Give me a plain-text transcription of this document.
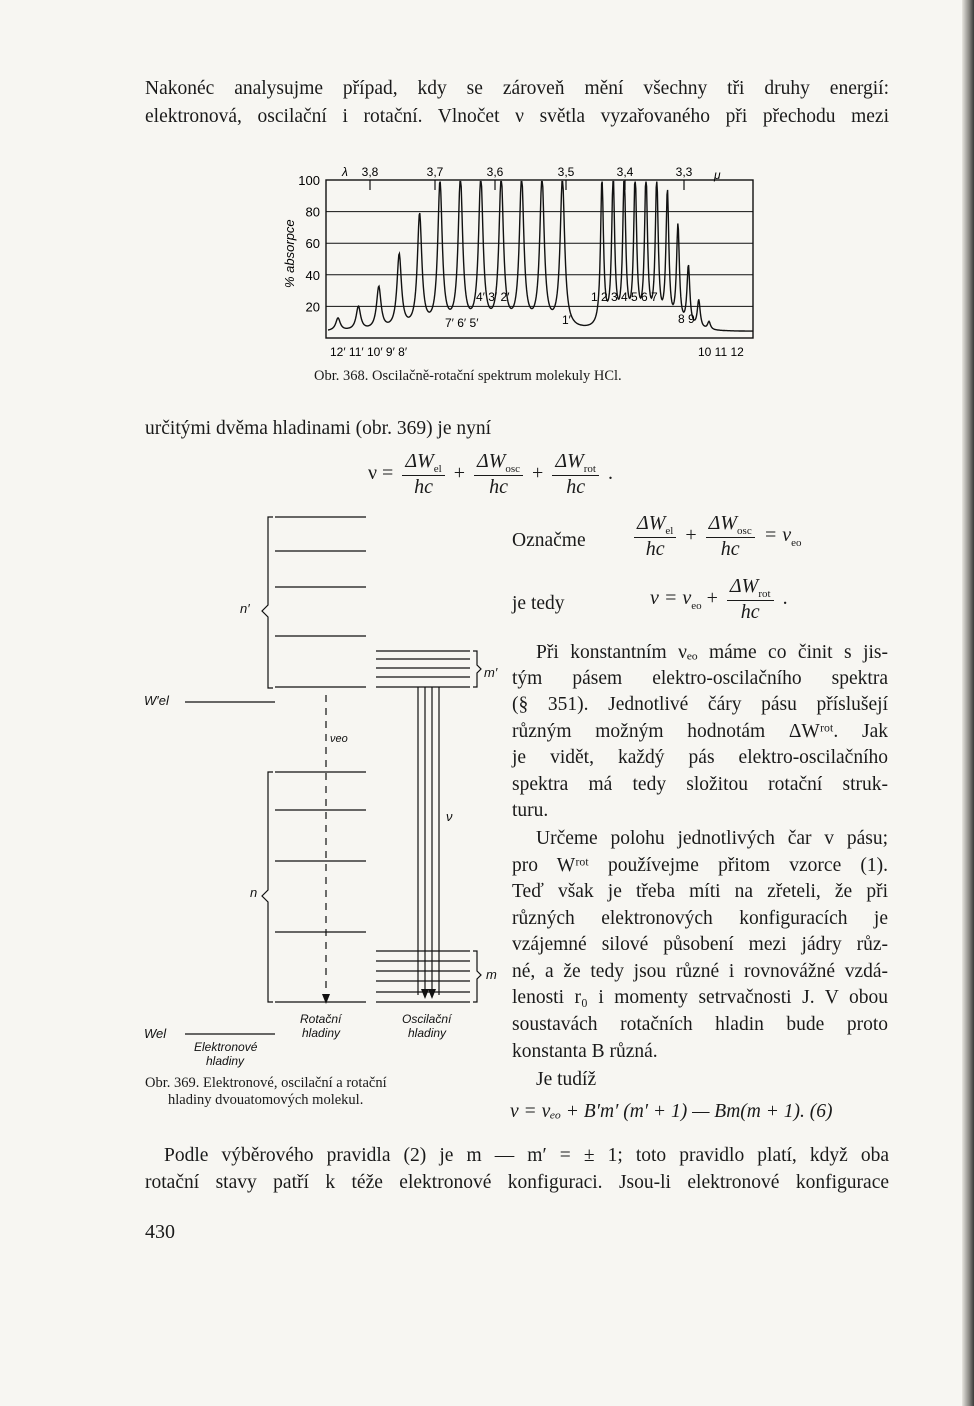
Nakonéc analysujme případ, kdy se zároveň mění všechny tři druhy energií:
elektronová, oscilační i rotační. Vlnočet ν světla vyzařovaného při přechodu mezi
20
40
60
80
100
% absorpce
3,8	3,7	3,6	3,5	3,4	3,3
λ	μ
12′ 11′ 10′ 9′ 8′	10 11 12
4′ 3′ 2′	1 2 3 4 5 6 7
7′ 6′ 5′	1′	8 9
Obr. 368. Oscilačně-rotační spektrum molekuly HCl.
určitými dvěma hladinami (obr. 369) je nyní
$\nu = \frac{\Delta W_{el}}{hc} + \frac{\Delta W_{osc}}{hc} + \frac{\Delta W_{rot}}{hc}$ .
Označme $\frac{\Delta W_{el}}{hc} + \frac{\Delta W_{osc}}{hc} = \nu_{eo}$
je tedy	$\nu = \nu_{eo} + \frac{\Delta W_{rot}}{hc}$ .
Při konstantním νₑₒ máme co činit s jis-
tým pásem elektro-oscilačního spektra
(§ 351). Jednotlivé čáry pásu příslušejí
různým možným hodnotám ΔWʳᵒᵗ. Jak
je vidět, každý pás elektro-oscilačního
spektra má tedy složitou rotační struk-
turu.
Určeme polohu jednotlivých čar v pásu;
pro Wʳᵒᵗ používejme přitom vzorce (1).
Teď však je třeba míti na zřeteli, že při
různých elektronových konfiguracích je
vzájemné silové působení mezi jádry růz-
né, a že tedy jsou různé i rovnovážné vzdá-
lenosti r₀ i momenty setrvačnosti J. V obou
soustavách rotačních hladin bude proto
konstanta B různá.
Je tudíž
ν = νₑₒ + B′m′ (m′ + 1) — Bm(m + 1). (6)
W′el
Wel
n′
n
νeo
ν
m′
m
Elektronové
hladiny
Rotační
hladiny
Oscilační
hladiny
Obr. 369. Elektronové, oscilační a rotační
hladiny dvouatomových molekul.
Podle výběrového pravidla (2) je m — m′ = ± 1; toto pravidlo platí, když oba
rotační stavy patří k téže elektronové konfiguraci. Jsou-li elektronové konfigurace
430
